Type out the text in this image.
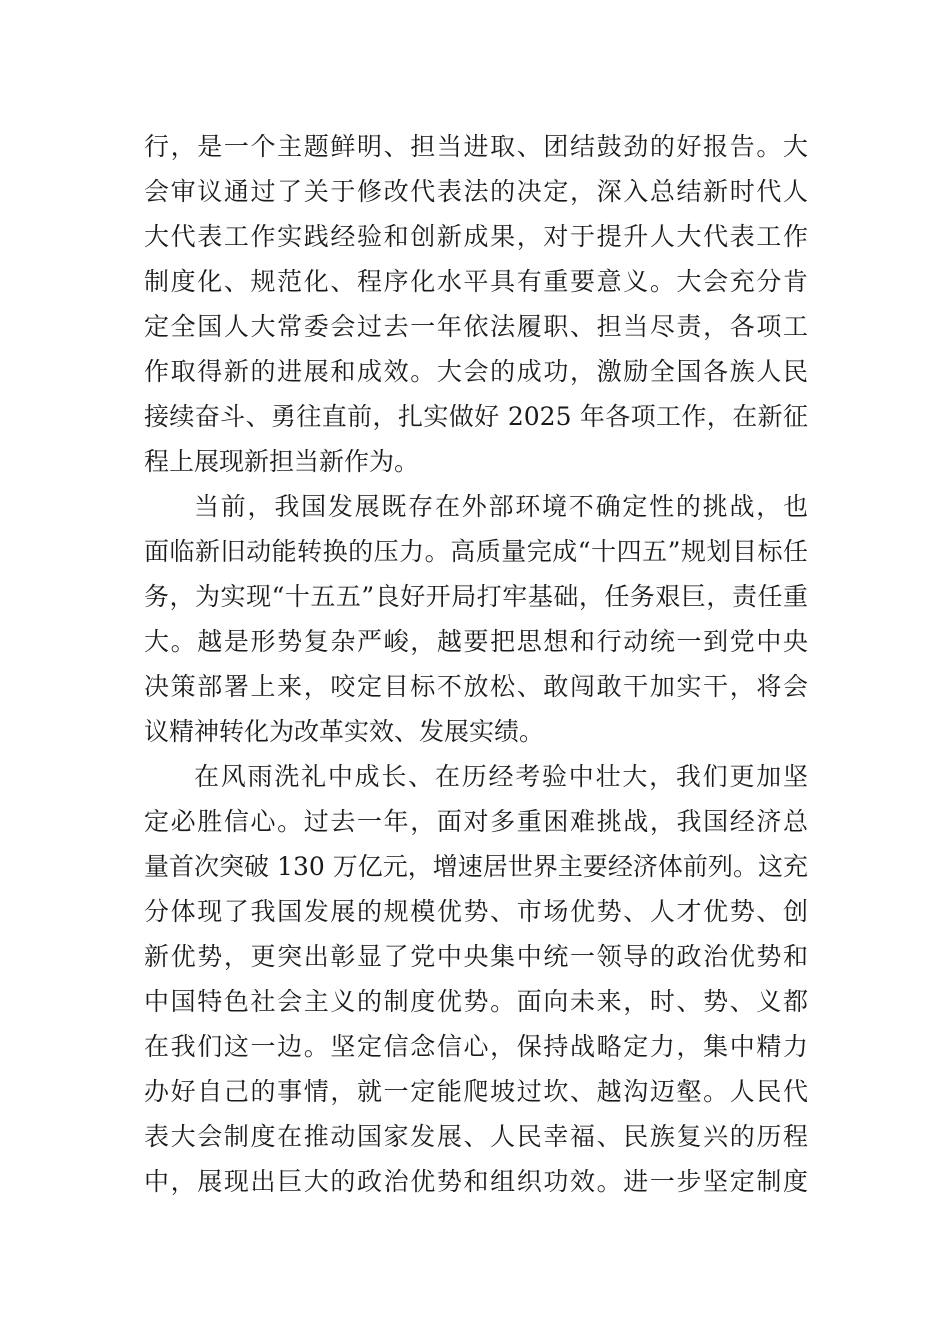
行，是一个主题鲜明、担当进取、团结鼓劲的好报告。大
会审议通过了关于修改代表法的决定，深入总结新时代人
大代表工作实践经验和创新成果，对于提升人大代表工作
制度化、规范化、程序化水平具有重要意义。大会充分肯
定全国人大常委会过去一年依法履职、担当尽责，各项工
作取得新的进展和成效。大会的成功，激励全国各族人民
接续奋斗、勇往直前，扎实做好 2025 年各项工作，在新征
程上展现新担当新作为。
当前，我国发展既存在外部环境不确定性的挑战，也
面临新旧动能转换的压力。高质量完成“十四五”规划目标任
务，为实现“十五五”良好开局打牢基础，任务艰巨，责任重
大。越是形势复杂严峻，越要把思想和行动统一到党中央
决策部署上来，咬定目标不放松、敢闯敢干加实干，将会
议精神转化为改革实效、发展实绩。
在风雨洗礼中成长、在历经考验中壮大，我们更加坚
定必胜信心。过去一年，面对多重困难挑战，我国经济总
量首次突破 130 万亿元，增速居世界主要经济体前列。这充
分体现了我国发展的规模优势、市场优势、人才优势、创
新优势，更突出彰显了党中央集中统一领导的政治优势和
中国特色社会主义的制度优势。面向未来，时、势、义都
在我们这一边。坚定信念信心，保持战略定力，集中精力
办好自己的事情，就一定能爬坡过坎、越沟迈壑。人民代
表大会制度在推动国家发展、人民幸福、民族复兴的历程
中，展现出巨大的政治优势和组织功效。进一步坚定制度
